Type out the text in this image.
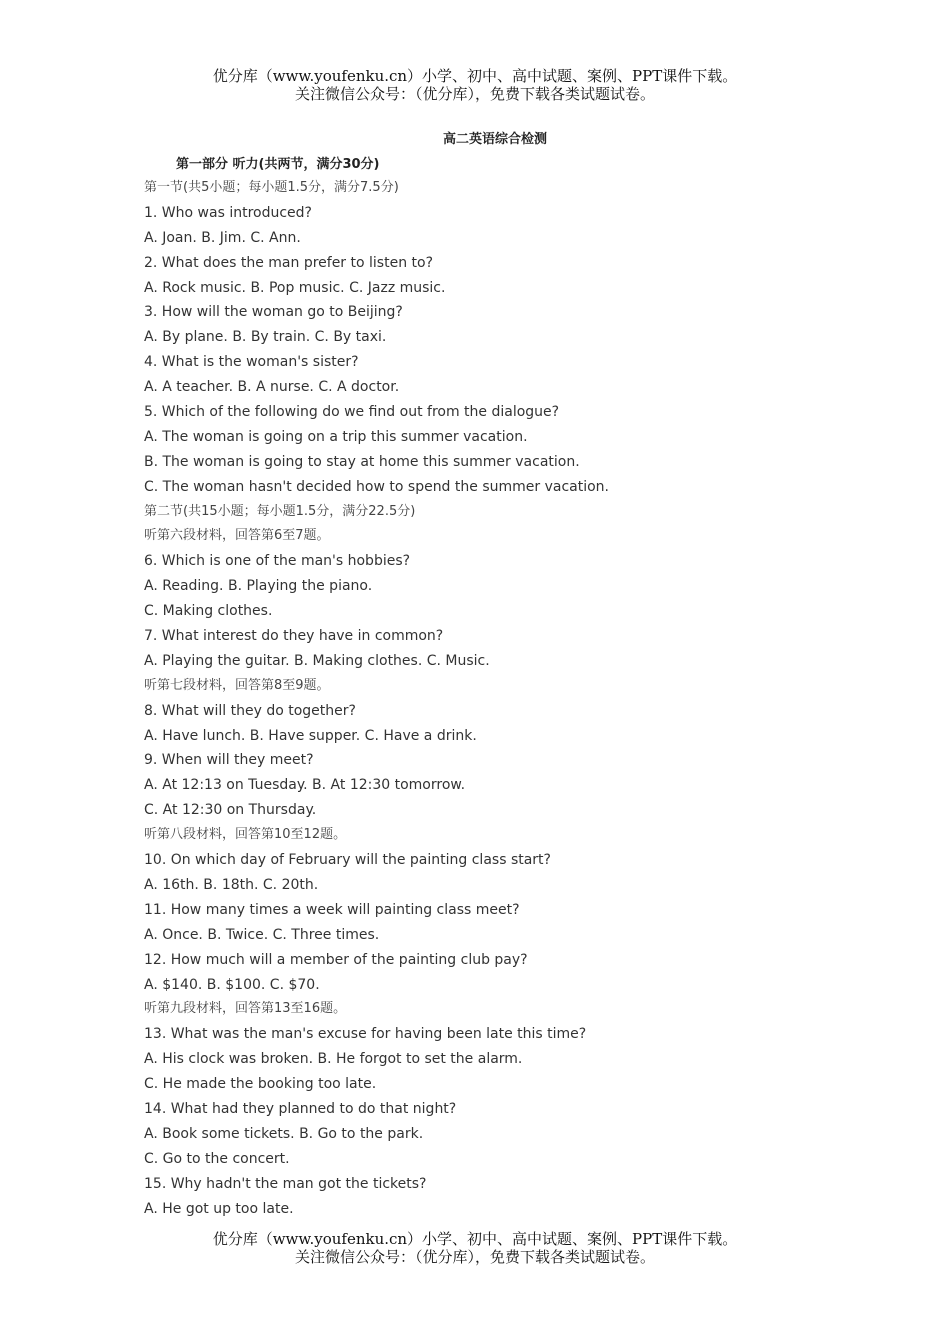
优分库（www.youfenku.cn）小学、初中、高中试题、案例、PPT课件下载。
关注微信公众号：（优分库），免费下载各类试题试卷。
高二英语综合检测
第一部分 听力(共两节，满分30分)
第一节(共5小题；每小题1.5分，满分7.5分)
1. Who was introduced?
A. Joan. B. Jim. C. Ann.
2. What does the man prefer to listen to?
A. Rock music. B. Pop music. C. Jazz music.
3. How will the woman go to Beijing?
A. By plane. B. By train. C. By taxi.
4. What is the woman's sister?
A. A teacher. B. A nurse. C. A doctor.
5. Which of the following do we find out from the dialogue?
A. The woman is going on a trip this summer vacation.
B. The woman is going to stay at home this summer vacation.
C. The woman hasn't decided how to spend the summer vacation.
第二节(共15小题；每小题1.5分，满分22.5分)
听第六段材料，回答第6至7题。
6. Which is one of the man's hobbies?
A. Reading. B. Playing the piano.
C. Making clothes.
7. What interest do they have in common?
A. Playing the guitar. B. Making clothes. C. Music.
听第七段材料，回答第8至9题。
8. What will they do together?
A. Have lunch. B. Have supper. C. Have a drink.
9. When will they meet?
A. At 12:13 on Tuesday. B. At 12:30 tomorrow.
C. At 12:30 on Thursday.
听第八段材料，回答第10至12题。
10. On which day of February will the painting class start?
A. 16th. B. 18th. C. 20th.
11. How many times a week will painting class meet?
A. Once. B. Twice. C. Three times.
12. How much will a member of the painting club pay?
A. $140. B. $100. C. $70.
听第九段材料，回答第13至16题。
13. What was the man's excuse for having been late this time?
A. His clock was broken. B. He forgot to set the alarm.
C. He made the booking too late.
14. What had they planned to do that night?
A. Book some tickets. B. Go to the park.
C. Go to the concert.
15. Why hadn't the man got the tickets?
A. He got up too late.
优分库（www.youfenku.cn）小学、初中、高中试题、案例、PPT课件下载。
关注微信公众号：（优分库），免费下载各类试题试卷。
